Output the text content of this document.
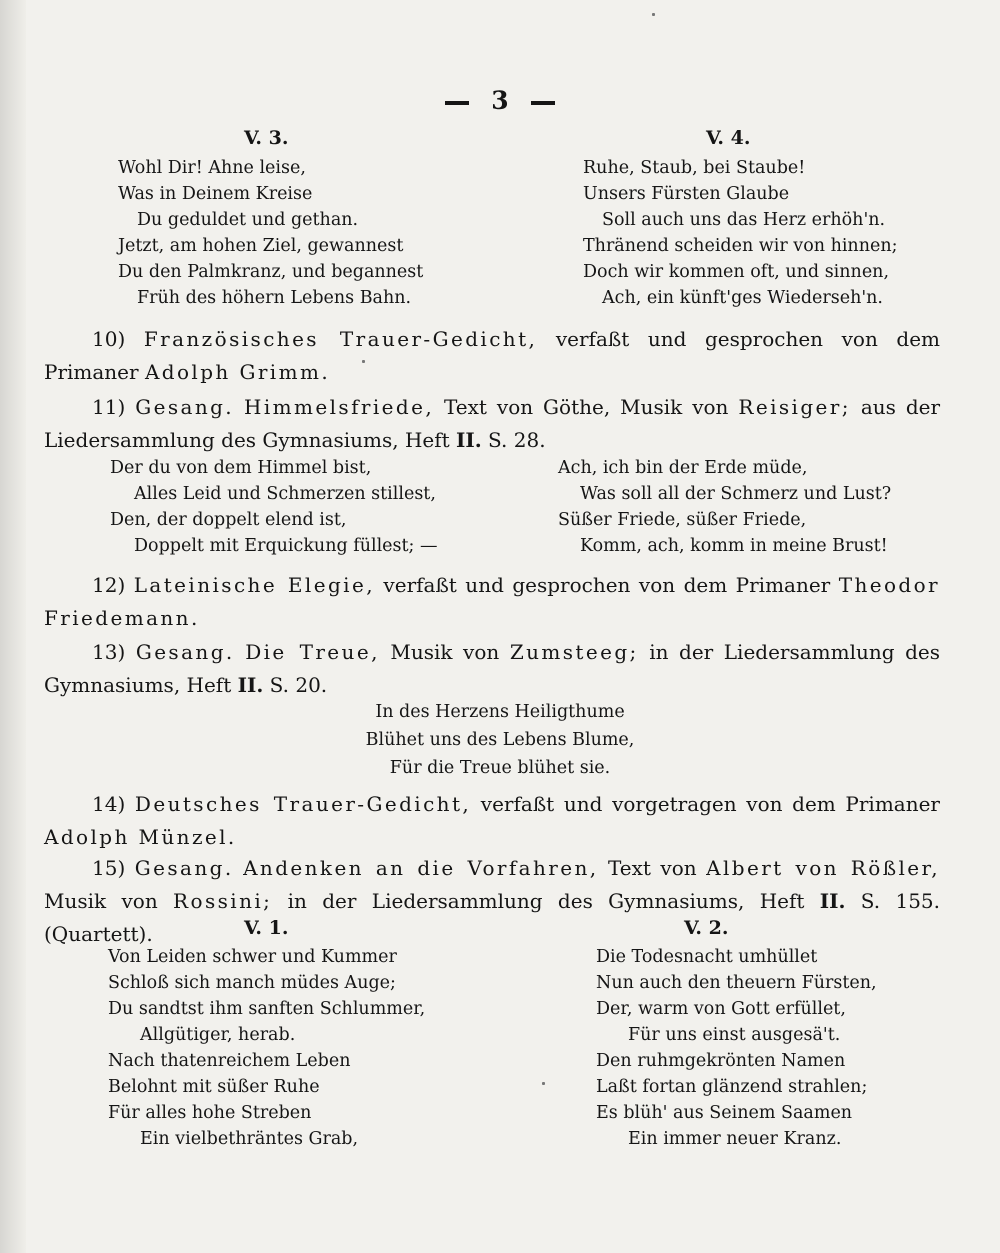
3
V. 3.
Wohl Dir! Ahne leise,
Was in Deinem Kreise
Du geduldet und gethan.
Jetzt, am hohen Ziel, gewannest
Du den Palmkranz, und begannest
Früh des höhern Lebens Bahn.
V. 4.
Ruhe, Staub, bei Staube!
Unsers Fürsten Glaube
Soll auch uns das Herz erhöh'n.
Thränend scheiden wir von hinnen;
Doch wir kommen oft, und sinnen,
Ach, ein künft'ges Wiederseh'n.
10) Französisches Trauer-Gedicht, verfaßt und gesprochen von dem Primaner Adolph Grimm.
11) Gesang. Himmelsfriede, Text von Göthe, Musik von Reisiger; aus der Liedersammlung des Gymnasiums, Heft II. S. 28.
Der du von dem Himmel bist,
Alles Leid und Schmerzen stillest,
Den, der doppelt elend ist,
Doppelt mit Erquickung füllest; —
Ach, ich bin der Erde müde,
Was soll all der Schmerz und Lust?
Süßer Friede, süßer Friede,
Komm, ach, komm in meine Brust!
12) Lateinische Elegie, verfaßt und gesprochen von dem Primaner Theodor Friedemann.
13) Gesang. Die Treue, Musik von Zumsteeg; in der Liedersammlung des Gymnasiums, Heft II. S. 20.
In des Herzens Heiligthume
Blühet uns des Lebens Blume,
Für die Treue blühet sie.
14) Deutsches Trauer-Gedicht, verfaßt und vorgetragen von dem Primaner Adolph Münzel.
15) Gesang. Andenken an die Vorfahren, Text von Albert von Rößler, Musik von Rossini; in der Liedersammlung des Gymnasiums, Heft II. S. 155. (Quartett).	V. 1.
Von Leiden schwer und Kummer
Schloß sich manch müdes Auge;
Du sandtst ihm sanften Schlummer,
Allgütiger, herab.
Nach thatenreichem Leben
Belohnt mit süßer Ruhe
Für alles hohe Streben
Ein vielbethräntes Grab,
V. 2.
Die Todesnacht umhüllet
Nun auch den theuern Fürsten,
Der, warm von Gott erfüllet,
Für uns einst ausgesä't.
Den ruhmgekrönten Namen
Laßt fortan glänzend strahlen;
Es blüh' aus Seinem Saamen
Ein immer neuer Kranz.
